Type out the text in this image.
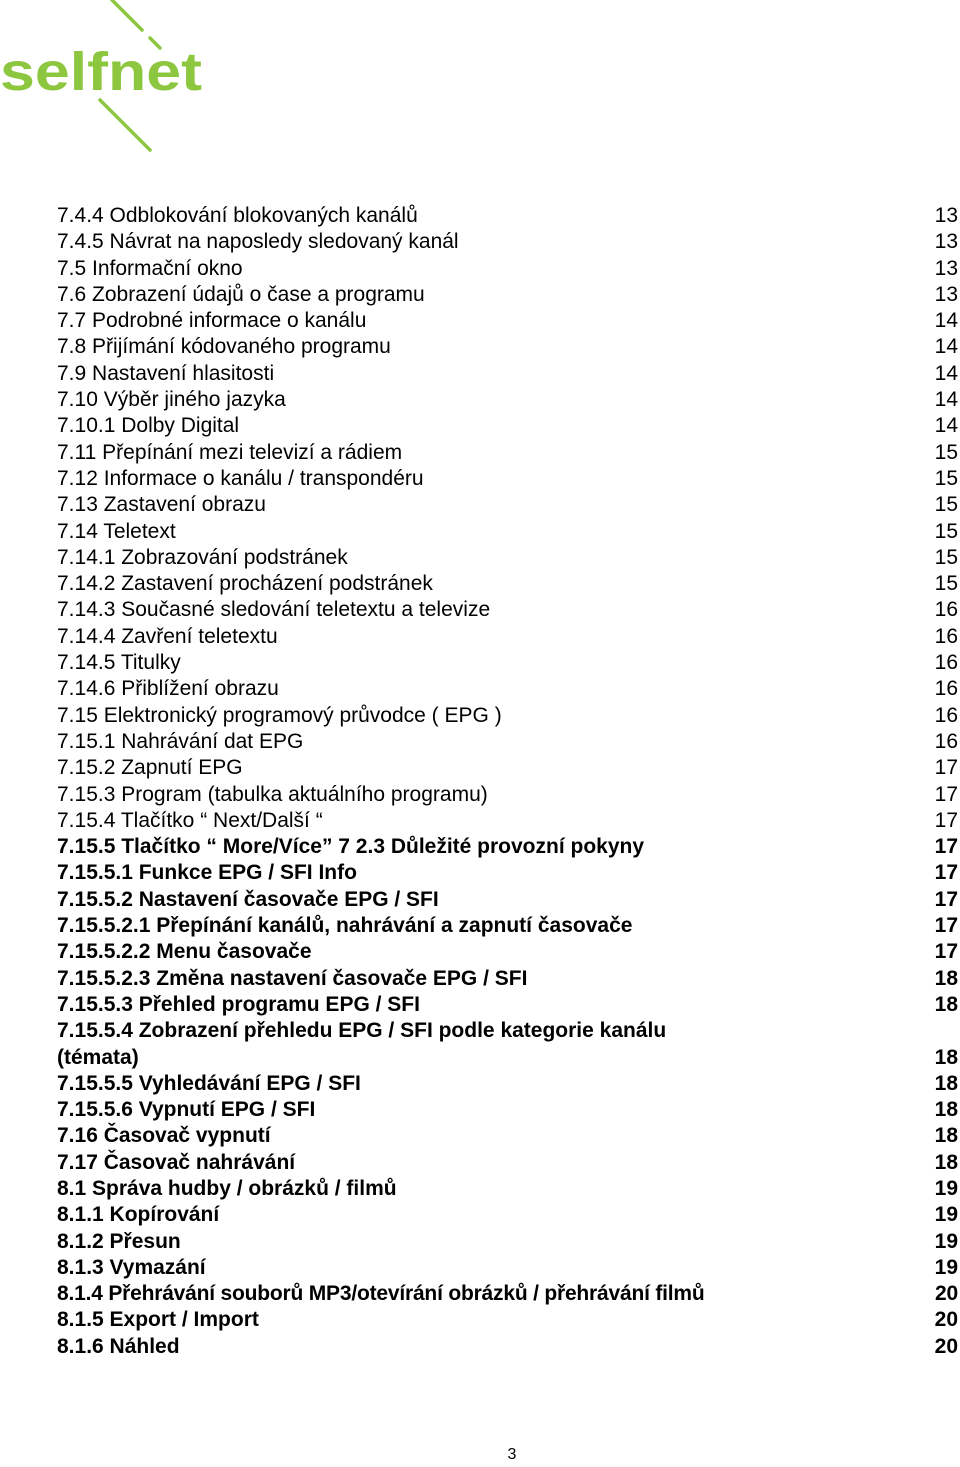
selfnet
7.4.4 Odblokování blokovaných kanálů	13
7.4.5 Návrat na naposledy sledovaný kanál	13
7.5 Informační okno	13
7.6 Zobrazení údajů o čase a programu	13
7.7 Podrobné informace o kanálu	14
7.8 Přijímání kódovaného programu	14
7.9 Nastavení hlasitosti	14
7.10 Výběr jiného jazyka	14
7.10.1 Dolby Digital	14
7.11 Přepínání mezi televizí a rádiem	15
7.12 Informace o kanálu / transpondéru	15
7.13 Zastavení obrazu	15
7.14 Teletext	15
7.14.1 Zobrazování podstránek	15
7.14.2 Zastavení procházení podstránek	15
7.14.3 Současné sledování teletextu a televize	16
7.14.4 Zavření teletextu	16
7.14.5 Titulky	16
7.14.6 Přiblížení obrazu	16
7.15 Elektronický programový průvodce ( EPG )	16
7.15.1 Nahrávání dat EPG	16
7.15.2 Zapnutí EPG	17
7.15.3 Program (tabulka aktuálního programu)	17
7.15.4 Tlačítko “ Next/Další “	17
7.15.5 Tlačítko “ More/Více” 7 2.3 Důležité provozní pokyny	17
7.15.5.1 Funkce EPG / SFI Info	17
7.15.5.2 Nastavení časovače EPG / SFI	17
7.15.5.2.1 Přepínání kanálů, nahrávání a zapnutí časovače	17
7.15.5.2.2 Menu časovače	17
7.15.5.2.3 Změna nastavení časovače EPG / SFI	18
7.15.5.3 Přehled programu EPG / SFI	18
7.15.5.4 Zobrazení přehledu EPG / SFI podle kategorie kanálu
(témata)	18
7.15.5.5 Vyhledávání EPG / SFI	18
7.15.5.6 Vypnutí EPG / SFI	18
7.16 Časovač vypnutí	18
7.17 Časovač nahrávání	18
8.1 Správa hudby / obrázků / filmů	19
8.1.1 Kopírování	19
8.1.2 Přesun	19
8.1.3 Vymazání	19
8.1.4 Přehrávání souborů MP3/otevírání obrázků / přehrávání filmů	20
8.1.5 Export / Import	20
8.1.6 Náhled	20
3
